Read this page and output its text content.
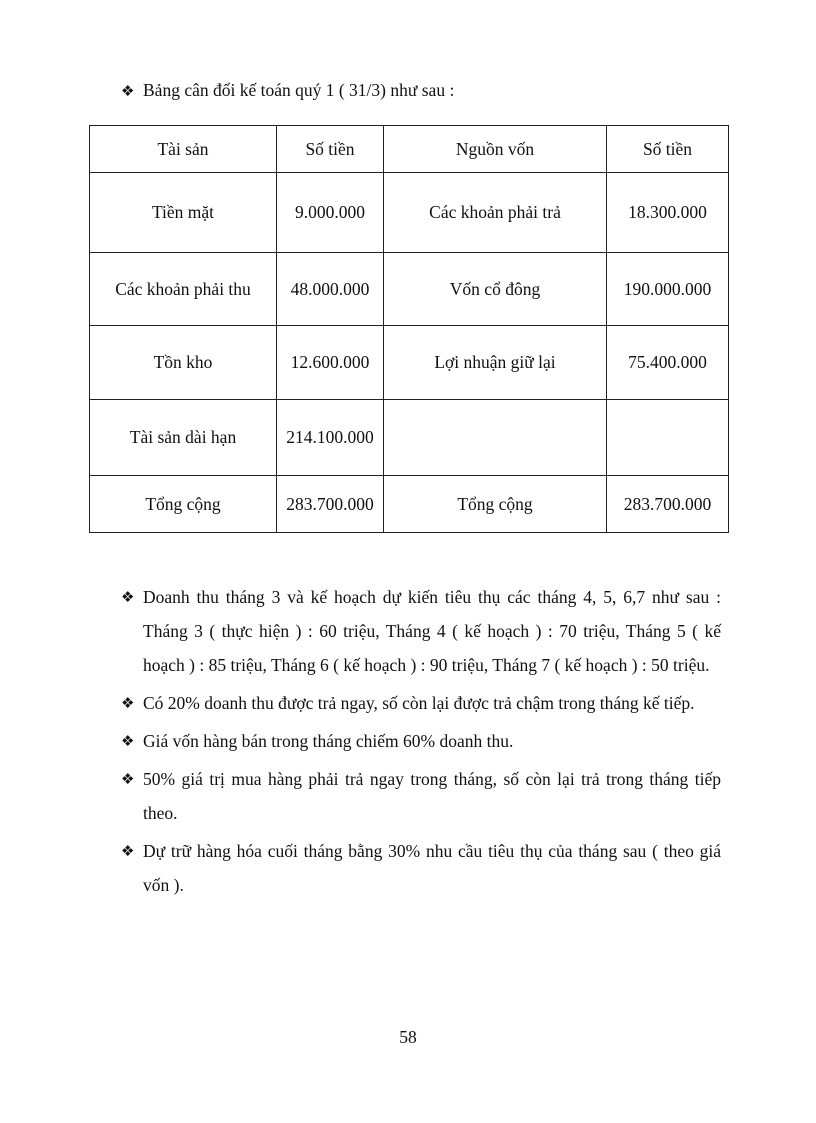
❖ Bảng cân đối kế toán quý 1 ( 31/3) như sau :
Tài sản	Số tiền	Nguồn vốn	Số tiền
Tiền mặt	9.000.000	Các khoản phải trả	18.300.000
Các khoản phải thu	48.000.000	Vốn cổ đông	190.000.000
Tồn kho	12.600.000	Lợi nhuận giữ lại	75.400.000
Tài sản dài hạn	214.100.000		
Tổng cộng	283.700.000	Tổng cộng	283.700.000
❖ Doanh thu tháng 3 và kế hoạch dự kiến tiêu thụ các tháng 4, 5, 6,7 như sau : Tháng 3 ( thực hiện ) : 60 triệu, Tháng 4 ( kế hoạch ) : 70 triệu, Tháng 5 ( kế hoạch ) : 85 triệu, Tháng 6 ( kế hoạch ) : 90 triệu, Tháng 7 ( kế hoạch ) : 50 triệu.
❖ Có 20% doanh thu được trả ngay, số còn lại được trả chậm trong tháng kế tiếp.
❖ Giá vốn hàng bán trong tháng chiếm 60% doanh thu.
❖ 50% giá trị mua hàng phải trả ngay trong tháng, số còn lại trả trong tháng tiếp theo.
❖ Dự trữ hàng hóa cuối tháng bằng 30% nhu cầu tiêu thụ của tháng sau ( theo giá vốn ).
58
